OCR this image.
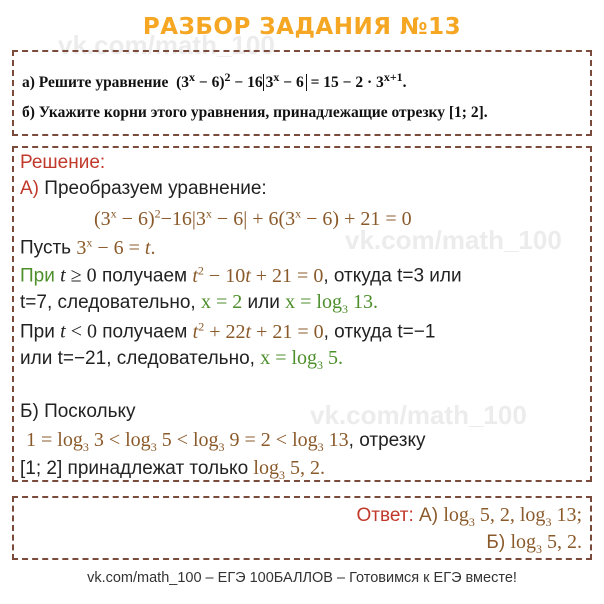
vk.com/math_100
vk.com/math_100
vk.com/math_100
РАЗБОР ЗАДАНИЯ №13
а) Решите уравнение  $(3^x - 6)^2 - 16$ $3^x - 6 = 15 - 2 \cdot 3^{x+1}$.
б) Укажите корни этого уравнения, принадлежащие отрезку [1; 2].
Решение:
А) Преобразуем уравнение:
$(3^x - 6)^2-16|3^x - 6| + 6(3^x - 6) + 21 = 0$
Пусть $3^x - 6 = t$.
При t ≥ 0 получаем $t^2 - 10t + 21 = 0$, откуда t=3 или
t=7, следовательно, x = 2 или $x = \log_3 13$.
При t < 0 получаем $t^2 + 22t + 21 = 0$, откуда t=−1
или t=−21, следовательно, $x = \log_3 5$.
Б) Поскольку
$1 = \log_3 3 < \log_3 5 < \log_3 9 = 2 < \log_3 13$, отрезку
[1; 2] принадлежат только $\log_3 5$, 2.
Ответ: А) $\log_3 5$, 2, $\log_3 13$;
Б) $\log_3 5$, 2.
vk.com/math_100 – ЕГЭ 100БАЛЛОВ – Готовимся к ЕГЭ вместе!
